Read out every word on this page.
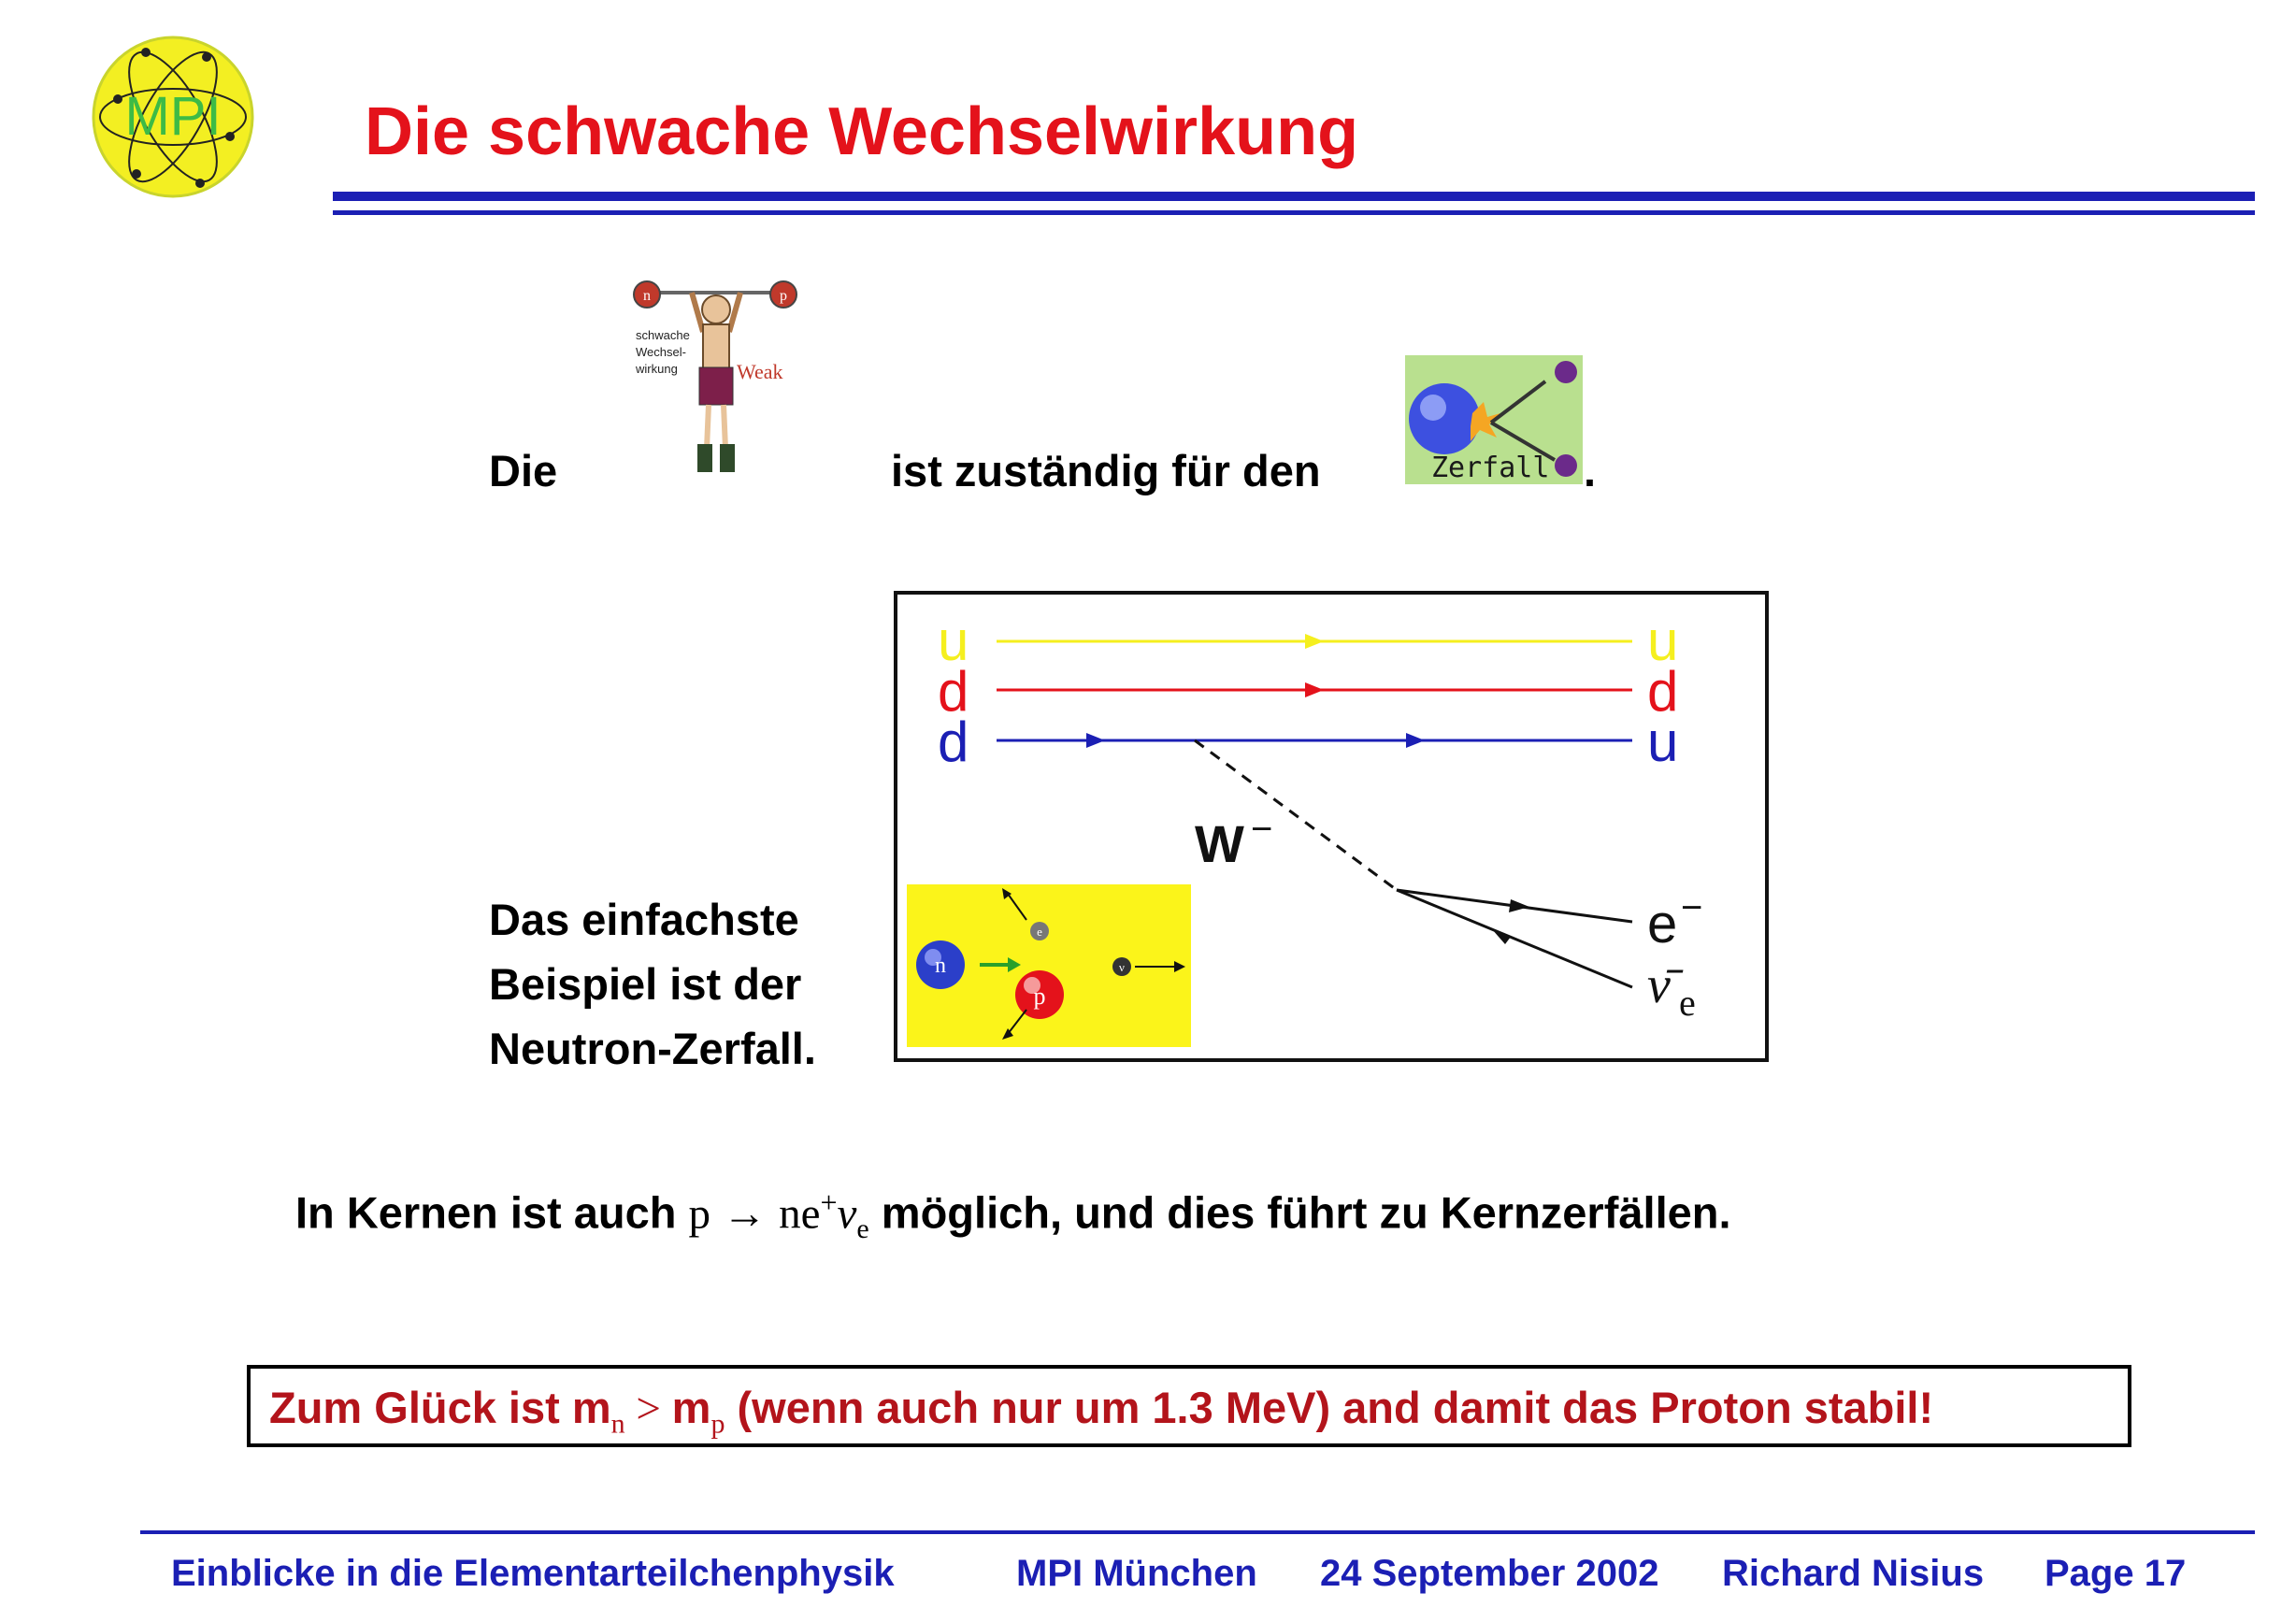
MPI Die schwache Wechselwirkung
Die
n	p
schwache
Wechsel-
wirkung	Weak
ist zuständig für den	Zerfall .
Das einfachste
Beispiel ist der
Neutron-Zerfall.
u
d
d
u
d
u
W −
e −
ν̄ e
n
p
e
ν
In Kernen ist auch $p \to ne^+\nu_e$ möglich, und dies führt zu Kernzerfällen.
Zum Glück ist $m_n > m_p$ (wenn auch nur um 1.3 MeV) and damit das Proton stabil!
Einblicke in die Elementarteilchenphysik	MPI München 24 September 2002 Richard Nisius Page 17
